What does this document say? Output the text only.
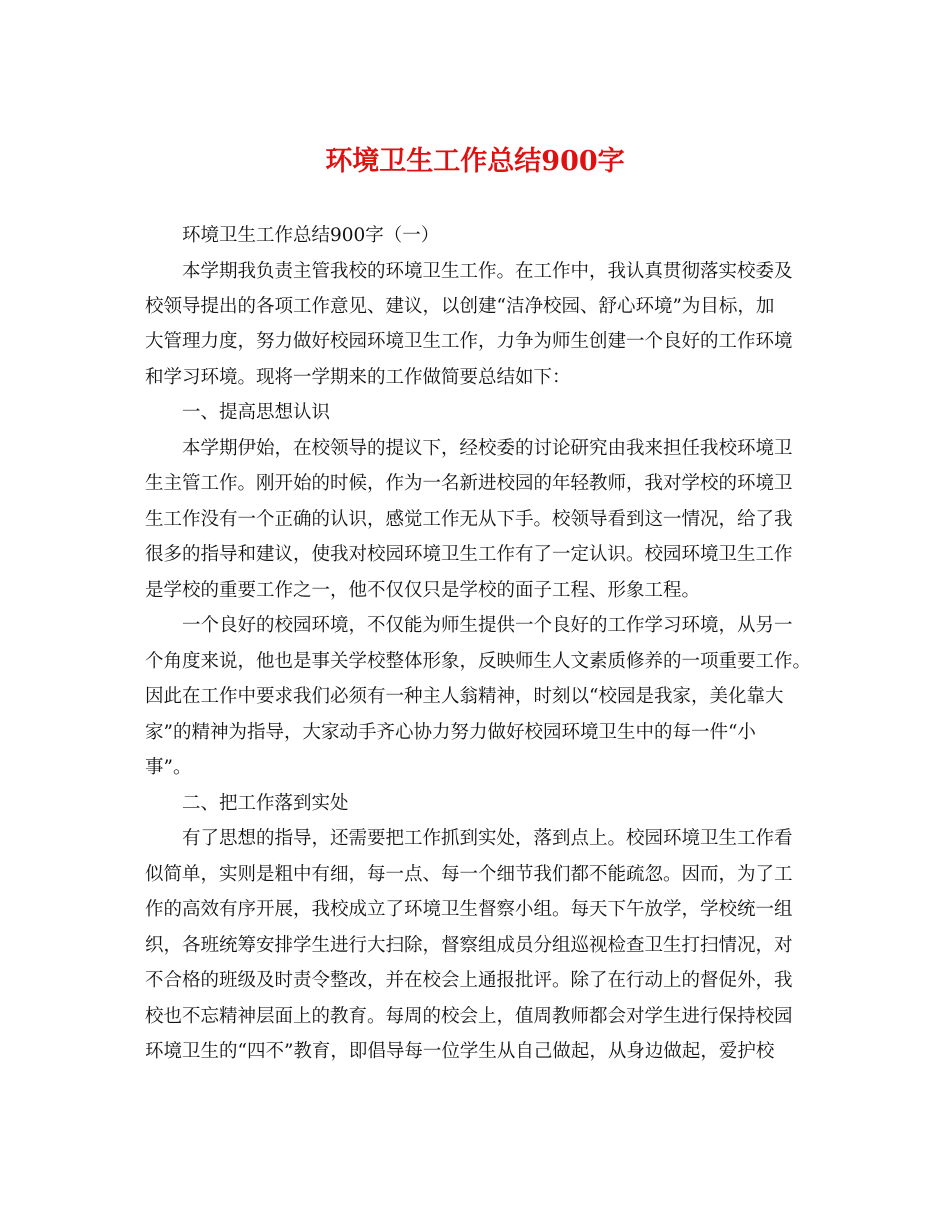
环境卫生工作总结900字
环境卫生工作总结900字（一）
本学期我负责主管我校的环境卫生工作。在工作中，我认真贯彻落实校委及
校领导提出的各项工作意见、建议，以创建“洁净校园、舒心环境”为目标，加
大管理力度，努力做好校园环境卫生工作，力争为师生创建一个良好的工作环境
和学习环境。现将一学期来的工作做简要总结如下：
一、提高思想认识
本学期伊始，在校领导的提议下，经校委的讨论研究由我来担任我校环境卫
生主管工作。刚开始的时候，作为一名新进校园的年轻教师，我对学校的环境卫
生工作没有一个正确的认识，感觉工作无从下手。校领导看到这一情况，给了我
很多的指导和建议，使我对校园环境卫生工作有了一定认识。校园环境卫生工作
是学校的重要工作之一，他不仅仅只是学校的面子工程、形象工程。
一个良好的校园环境，不仅能为师生提供一个良好的工作学习环境，从另一
个角度来说，他也是事关学校整体形象，反映师生人文素质修养的一项重要工作。
因此在工作中要求我们必须有一种主人翁精神，时刻以“校园是我家，美化靠大
家”的精神为指导，大家动手齐心协力努力做好校园环境卫生中的每一件“小
事”。
二、把工作落到实处
有了思想的指导，还需要把工作抓到实处，落到点上。校园环境卫生工作看
似简单，实则是粗中有细，每一点、每一个细节我们都不能疏忽。因而，为了工
作的高效有序开展，我校成立了环境卫生督察小组。每天下午放学，学校统一组
织，各班统筹安排学生进行大扫除，督察组成员分组巡视检查卫生打扫情况，对
不合格的班级及时责令整改，并在校会上通报批评。除了在行动上的督促外，我
校也不忘精神层面上的教育。每周的校会上，值周教师都会对学生进行保持校园
环境卫生的“四不”教育，即倡导每一位学生从自己做起，从身边做起，爱护校
